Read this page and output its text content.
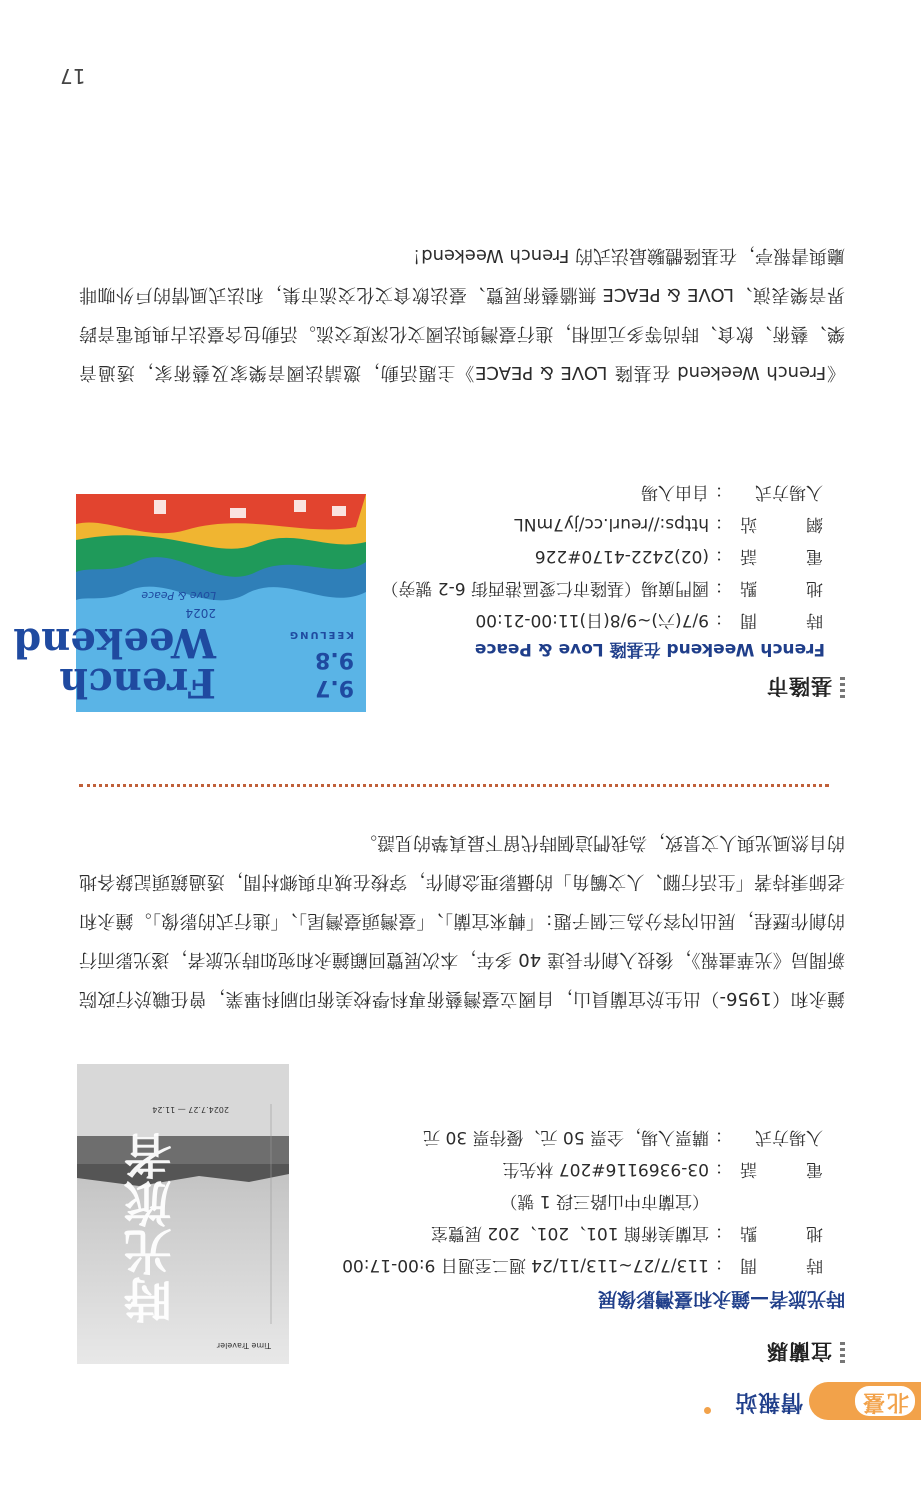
北臺
情報站
宜蘭縣
時光旅者—鐘永和臺灣影像展
時　間
：
113/7/27~113/11/24 週二至週日 9:00-17:00
地　點
：
宜蘭美術館 101、201、202 展覽室
（宜蘭市中山路三段 1 號）
電　話
：
03-9369116#207 林先生
入場方式
：
購票入場，全票 50 元、優待票 30 元
時光旅者
Time Traveler
2024.7.27 — 11.24
鐘永和（1956-）出生於宜蘭員山，自國立臺灣藝術專科學校美術印刷科畢業，曾任職於行政院新聞局《光華畫報》，後投入創作長達 40 多年，本次展覽回顧鐘永和宛如時光旅者，遂光影而行的創作歷程，展出內容分為三個子題：「轉來宜蘭」、「臺灣頭臺灣尾」、「進行式的影像」。鐘永和老師秉持著「生活行腳、人文觸角」的攝影理念創作，穿梭在城市與鄉村間，透過鏡頭記錄各地的自然風光與人文景致，為我們這個時代留下最真摯的見證。
基隆市
French Weekend 在基隆 Love & Peace
時　間
：
9/7(六)~9/8(日)11:00-21:00
地　點
：
國門廣場（基隆市仁愛區港西街 6-2 號旁）
電　話
：
(02)2422-4170#226
網　站
：
https://reurl.cc/jy7mNL
入場方式
：
自由入場
French Weekend
2024
Love & Peace
9.7
9.8
KEELUNG
《French Weekend 在基隆 LOVE & PEACE》主題活動，邀請法國音樂家及藝術家，透過音樂、藝術、飲食、時尚等多元面相，進行臺灣與法國文化深度交流。活動包含臺法古典與電音跨界音樂表演、LOVE & PEACE 無牆藝術展覽、臺法飲食文化交流市集，和法式風情的戶外咖啡廳與書報亭，在基隆體驗最法式的 French Weekend！
17
